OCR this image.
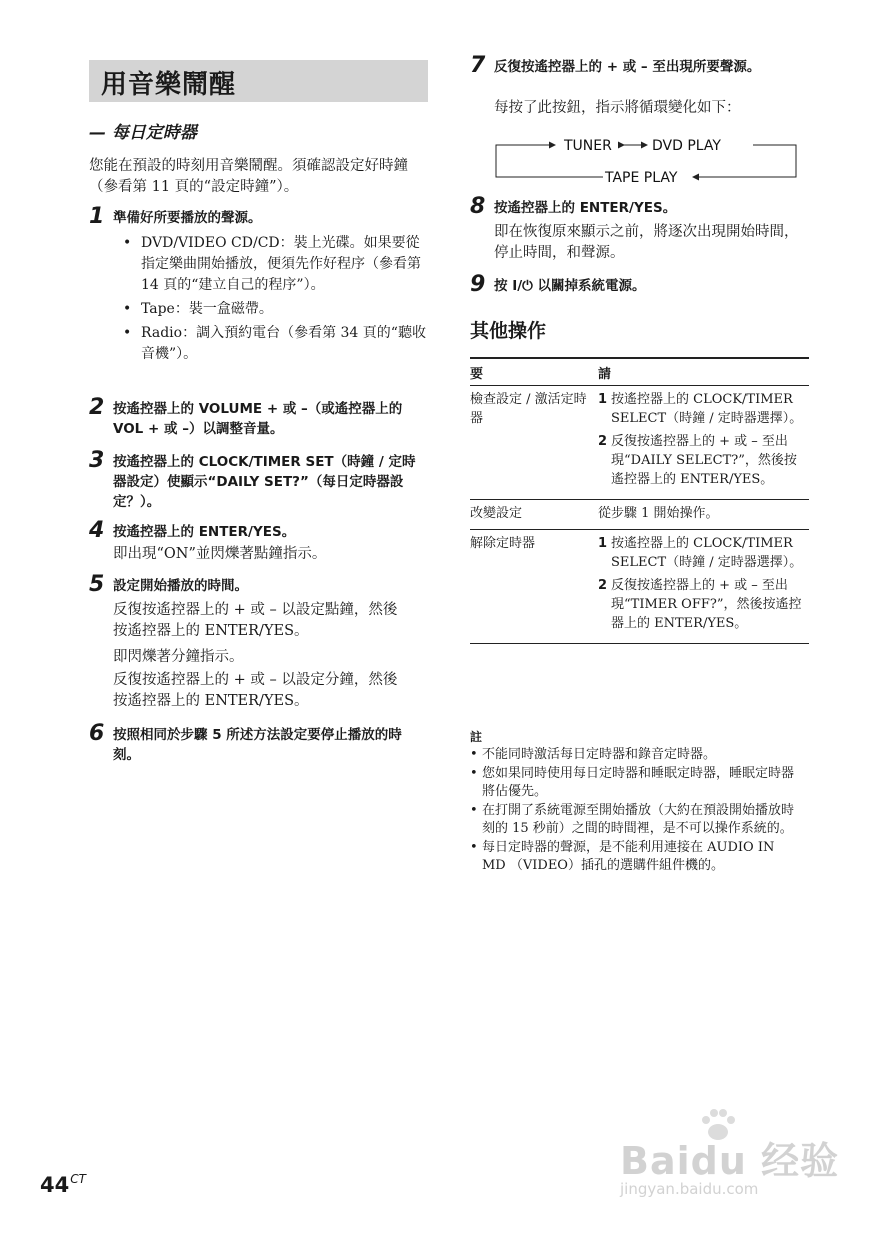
用音樂鬧醒
— 每日定時器
您能在預設的時刻用音樂鬧醒。須確認設定好時鐘（參看第 11 頁的“設定時鐘”）。
1 準備好所要播放的聲源。
• DVD/VIDEO CD/CD：裝上光碟。如果要從指定樂曲開始播放，便須先作好程序（參看第 14 頁的“建立自己的程序”）。
• Tape：裝一盒磁帶。
• Radio：調入預約電台（參看第 34 頁的“聽收音機”）。
2 按遙控器上的 VOLUME + 或 –（或遙控器上的 VOL + 或 –）以調整音量。
3 按遙控器上的 CLOCK/TIMER SET（時鐘 / 定時器設定）使顯示“DAILY SET?”（每日定時器設定？）。
4 按遙控器上的 ENTER/YES。
即出現“ON”並閃爍著點鐘指示。
5 設定開始播放的時間。
反復按遙控器上的 + 或 – 以設定點鐘，然後按遙控器上的 ENTER/YES。
即閃爍著分鐘指示。
反復按遙控器上的 + 或 – 以設定分鐘，然後按遙控器上的 ENTER/YES。
6 按照相同於步驟 5 所述方法設定要停止播放的時刻。
7 反復按遙控器上的 + 或 – 至出現所要聲源。
每按了此按鈕，指示將循環變化如下：
TUNER	DVD PLAY
TAPE PLAY
8 按遙控器上的 ENTER/YES。
即在恢復原來顯示之前，將逐次出現開始時間，停止時間，和聲源。
9 按 I/⏻ 以關掉系統電源。
其他操作
要	請
檢查設定 / 激活定時器	1 按遙控器上的 CLOCK/TIMER SELECT（時鐘 / 定時器選擇）。
2 反復按遙控器上的 + 或 – 至出現“DAILY SELECT?”，然後按遙控器上的 ENTER/YES。

改變設定	從步驟 1 開始操作。
解除定時器	1 按遙控器上的 CLOCK/TIMER SELECT（時鐘 / 定時器選擇）。
2 反復按遙控器上的 + 或 – 至出現“TIMER OFF?”，然後按遙控器上的 ENTER/YES。
註
• 不能同時激活每日定時器和錄音定時器。
• 您如果同時使用每日定時器和睡眠定時器，睡眠定時器將佔優先。
• 在打開了系統電源至開始播放（大約在預設開始播放時刻的 15 秒前）之間的時間裡，是不可以操作系統的。
• 每日定時器的聲源，是不能利用連接在 AUDIO IN MD （VIDEO）插孔的選購件組件機的。
$44^{CT}$	Baidu 经验
jingyan.baidu.com
